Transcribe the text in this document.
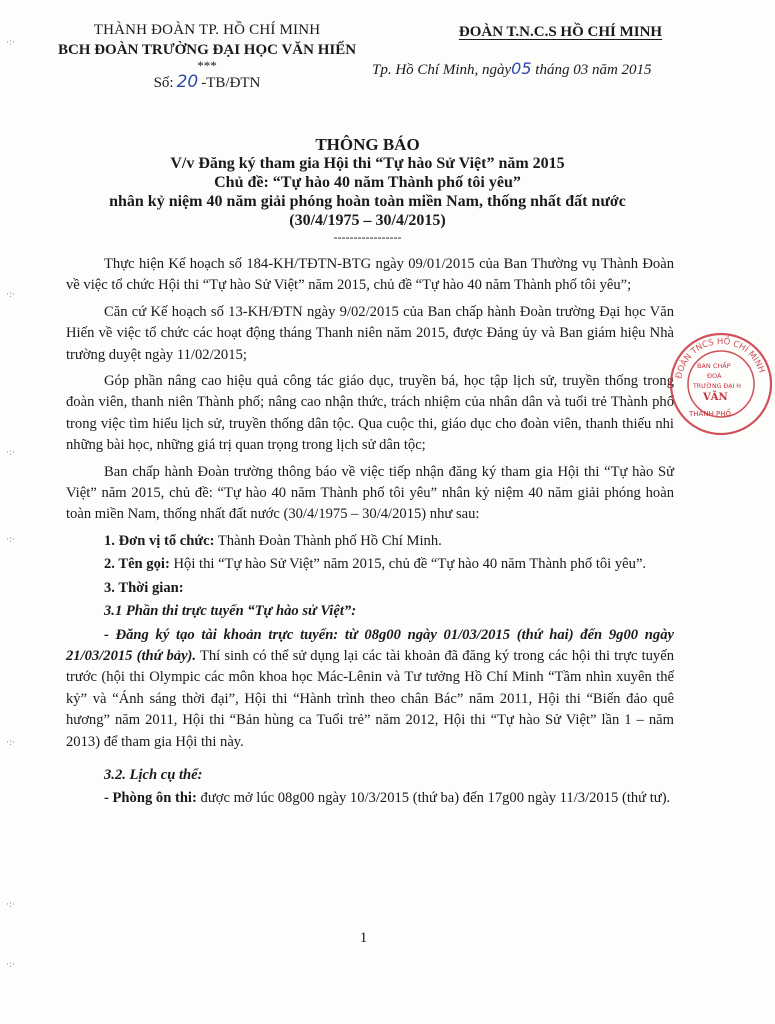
THÀNH ĐOÀN TP. HỒ CHÍ MINH
BCH ĐOÀN TRƯỜNG ĐẠI HỌC VĂN HIẾN
***
Số: 20 -TB/ĐTN
ĐOÀN T.N.C.S HỒ CHÍ MINH
Tp. Hồ Chí Minh, ngày05 tháng 03 năm 2015
THÔNG BÁO
V/v Đăng ký tham gia Hội thi “Tự hào Sử Việt” năm 2015
Chủ đề: “Tự hào 40 năm Thành phố tôi yêu”
nhân kỷ niệm 40 năm giải phóng hoàn toàn miền Nam, thống nhất đất nước
(30/4/1975 – 30/4/2015)
-----------------

Thực hiện Kế hoạch số 184-KH/TĐTN-BTG ngày 09/01/2015 của Ban Thường vụ Thành Đoàn về việc tổ chức Hội thi “Tự hào Sử Việt” năm 2015, chủ đề “Tự hào 40 năm Thành phố tôi yêu”;

Căn cứ Kế hoạch số 13-KH/ĐTN ngày 9/02/2015 của Ban chấp hành Đoàn trường Đại học Văn Hiến về việc tổ chức các hoạt động tháng Thanh niên năm 2015, được Đảng ủy và Ban giám hiệu Nhà trường duyệt ngày 11/02/2015;

Góp phần nâng cao hiệu quả công tác giáo dục, truyền bá, học tập lịch sử, truyền thống trong đoàn viên, thanh niên Thành phố; nâng cao nhận thức, trách nhiệm của nhân dân và tuổi trẻ Thành phố trong việc tìm hiểu lịch sử, truyền thống dân tộc. Qua cuộc thi, giáo dục cho đoàn viên, thanh thiếu nhi những bài học, những giá trị quan trọng trong lịch sử dân tộc;

Ban chấp hành Đoàn trường thông báo về việc tiếp nhận đăng ký tham gia Hội thi “Tự hào Sử Việt” năm 2015, chủ đề: “Tự hào 40 năm Thành phố tôi yêu” nhân kỷ niệm 40 năm giải phóng hoàn toàn miền Nam, thống nhất đất nước (30/4/1975 – 30/4/2015) như sau:

1. Đơn vị tổ chức: Thành Đoàn Thành phố Hồ Chí Minh.

2. Tên gọi: Hội thi “Tự hào Sử Việt” năm 2015, chủ đề “Tự hào 40 năm Thành phố tôi yêu”.

3. Thời gian:

3.1 Phần thi trực tuyến “Tự hào sử Việt”:

- Đăng ký tạo tài khoản trực tuyến: từ 08g00 ngày 01/03/2015 (thứ hai) đến 9g00 ngày 21/03/2015 (thứ bảy). Thí sinh có thể sử dụng lại các tài khoản đã đăng ký trong các hội thi trực tuyến trước (hội thi Olympic các môn khoa học Mác-Lênin và Tư tưởng Hồ Chí Minh “Tầm nhìn xuyên thế kỷ” và “Ánh sáng thời đại”, Hội thi “Hành trình theo chân Bác” năm 2011, Hội thi “Biển đảo quê hương” năm 2011, Hội thi “Bản hùng ca Tuổi trẻ” năm 2012, Hội thi “Tự hào Sử Việt” lần 1 – năm 2013) để tham gia Hội thi này.

3.2. Lịch cụ thể:

- Phòng ôn thi: được mở lúc 08g00 ngày 10/3/2015 (thứ ba) đến 17g00 ngày 11/3/2015 (thứ tư).

1
ĐOÀN TNCS HỒ CHÍ MINH
BAN CHẤP
ĐOÀ
TRƯỜNG ĐẠI H
VĂN
THÀNH PHỐ
·:·
·:·
·:·
·:·
·:·
·:·
·:·
